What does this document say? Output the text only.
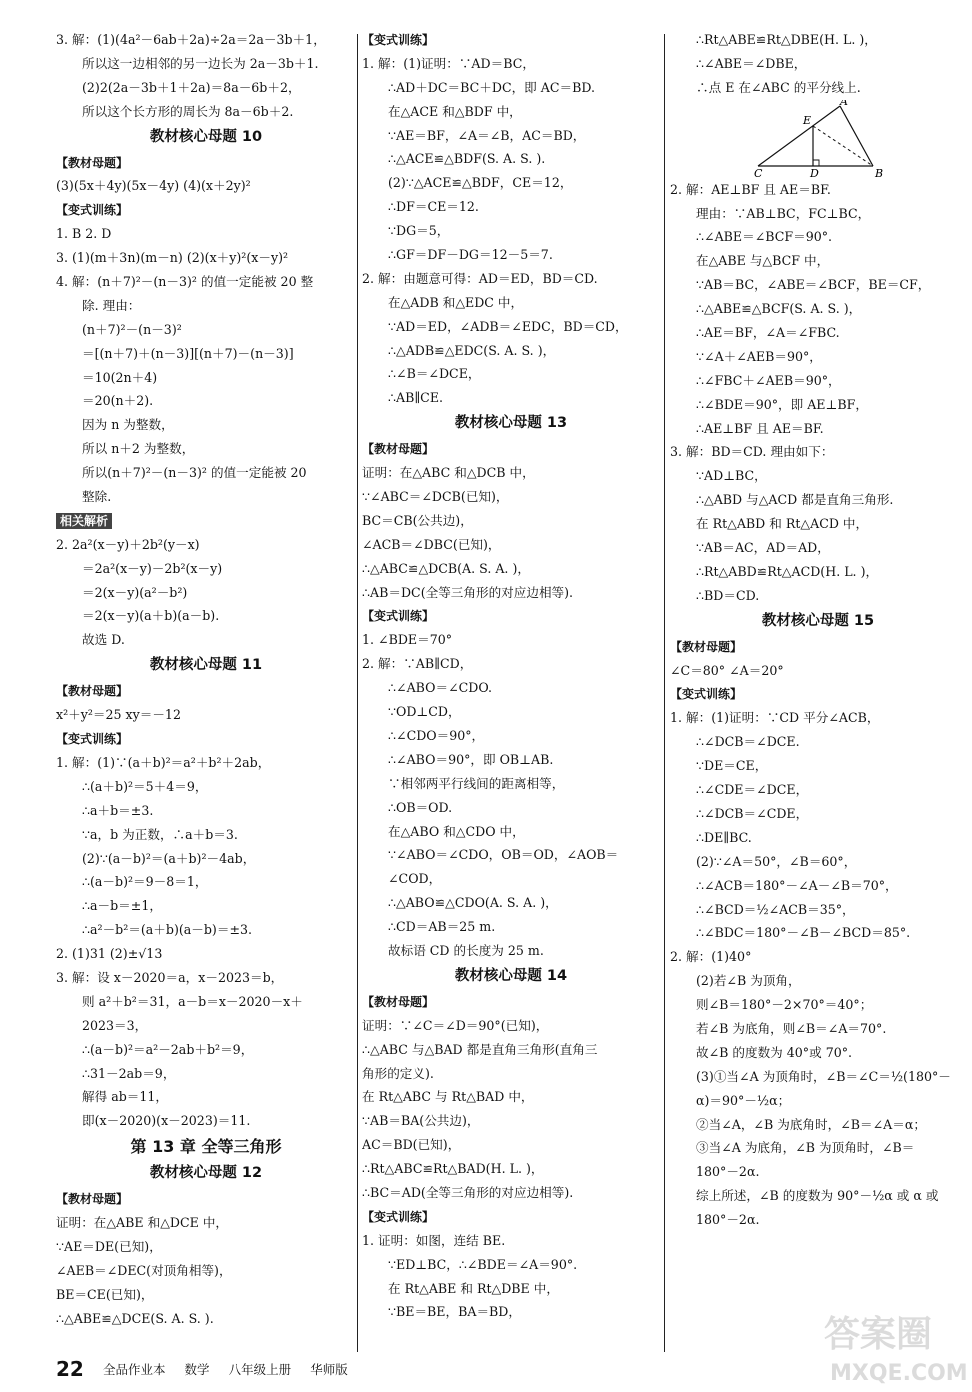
3. 解：(1)(4a²－6ab＋2a)÷2a＝2a－3b＋1，
所以这一边相邻的另一边长为 2a－3b＋1.
(2)2(2a－3b＋1＋2a)＝8a－6b＋2，
所以这个长方形的周长为 8a－6b＋2.
教材核心母题 10
【教材母题】
(3)(5x＋4y)(5x－4y) (4)(x＋2y)²
【变式训练】
1. B 2. D
3. (1)(m＋3n)(m－n) (2)(x＋y)²(x－y)²
4. 解：(n＋7)²－(n－3)² 的值一定能被 20 整
除. 理由：
(n＋7)²－(n－3)²
＝[(n＋7)＋(n－3)][(n＋7)－(n－3)]
＝10(2n＋4)
＝20(n＋2).
因为 n 为整数，
所以 n＋2 为整数，
所以(n＋7)²－(n－3)² 的值一定能被 20
整除.
相关解析
2. 2a²(x－y)＋2b²(y－x)
＝2a²(x－y)－2b²(x－y)
＝2(x－y)(a²－b²)
＝2(x－y)(a＋b)(a－b).
故选 D.
教材核心母题 11
【教材母题】
x²＋y²＝25 xy＝－12
【变式训练】
1. 解：(1)∵(a＋b)²＝a²＋b²＋2ab，
∴(a＋b)²＝5＋4＝9，
∴a＋b＝±3.
∵a，b 为正数，∴a＋b＝3.
(2)∵(a－b)²＝(a＋b)²－4ab，
∴(a－b)²＝9－8＝1，
∴a－b＝±1，
∴a²－b²＝(a＋b)(a－b)＝±3.
2. (1)31 (2)±√13
3. 解：设 x－2020＝a，x－2023＝b，
则 a²＋b²＝31，a－b＝x－2020－x＋
2023＝3，
∴(a－b)²＝a²－2ab＋b²＝9，
∴31－2ab＝9，
解得 ab＝11，
即(x－2020)(x－2023)＝11.
第 13 章 全等三角形
教材核心母题 12
【教材母题】
证明：在△ABE 和△DCE 中，
∵AE＝DE(已知)，
∠AEB＝∠DEC(对顶角相等)，
BE＝CE(已知)，
∴△ABE≌△DCE(S. A. S. ).
【变式训练】
1. 解：(1)证明：∵AD＝BC，
∴AD＋DC＝BC＋DC，即 AC＝BD.
在△ACE 和△BDF 中，
∵AE＝BF，∠A＝∠B，AC＝BD，
∴△ACE≌△BDF(S. A. S. ).
(2)∵△ACE≌△BDF，CE＝12，
∴DF＝CE＝12.
∵DG＝5，
∴GF＝DF－DG＝12－5＝7.
2. 解：由题意可得：AD＝ED，BD＝CD.
在△ADB 和△EDC 中，
∵AD＝ED，∠ADB＝∠EDC，BD＝CD，
∴△ADB≌△EDC(S. A. S. )，
∴∠B＝∠DCE，
∴AB∥CE.
教材核心母题 13
【教材母题】
证明：在△ABC 和△DCB 中，
∵∠ABC＝∠DCB(已知)，
BC＝CB(公共边)，
∠ACB＝∠DBC(已知)，
∴△ABC≌△DCB(A. S. A. )，
∴AB＝DC(全等三角形的对应边相等).
【变式训练】
1. ∠BDE＝70°
2. 解：∵AB∥CD，
∴∠ABO＝∠CDO.
∵OD⊥CD，
∴∠CDO＝90°，
∴∠ABO＝90°，即 OB⊥AB.
∵相邻两平行线间的距离相等，
∴OB＝OD.
在△ABO 和△CDO 中，
∵∠ABO＝∠CDO，OB＝OD，∠AOB＝
∠COD，
∴△ABO≌△CDO(A. S. A. )，
∴CD＝AB＝25 m.
故标语 CD 的长度为 25 m.
教材核心母题 14
【教材母题】
证明：∵∠C＝∠D＝90°(已知)，
∴△ABC 与△BAD 都是直角三角形(直角三
角形的定义).
在 Rt△ABC 与 Rt△BAD 中，
∵AB＝BA(公共边)，
AC＝BD(已知)，
∴Rt△ABC≌Rt△BAD(H. L. )，
∴BC＝AD(全等三角形的对应边相等).
【变式训练】
1. 证明：如图，连结 BE.
∵ED⊥BC，∴∠BDE＝∠A＝90°.
在 Rt△ABE 和 Rt△DBE 中，
∵BE＝BE，BA＝BD，
∴Rt△ABE≌Rt△DBE(H. L. )，
∴∠ABE＝∠DBE，
∴点 E 在∠ABC 的平分线上.
A
B
C	D
E
2. 解：AE⊥BF 且 AE＝BF.
理由：∵AB⊥BC，FC⊥BC，
∴∠ABE＝∠BCF＝90°.
在△ABE 与△BCF 中，
∵AB＝BC，∠ABE＝∠BCF，BE＝CF，
∴△ABE≌△BCF(S. A. S. )，
∴AE＝BF，∠A＝∠FBC.
∵∠A＋∠AEB＝90°，
∴∠FBC＋∠AEB＝90°，
∴∠BDE＝90°，即 AE⊥BF，
∴AE⊥BF 且 AE＝BF.
3. 解：BD＝CD. 理由如下：
∵AD⊥BC，
∴△ABD 与△ACD 都是直角三角形.
在 Rt△ABD 和 Rt△ACD 中，
∵AB＝AC，AD＝AD，
∴Rt△ABD≌Rt△ACD(H. L. )，
∴BD＝CD.
教材核心母题 15
【教材母题】
∠C＝80° ∠A＝20°
【变式训练】
1. 解：(1)证明：∵CD 平分∠ACB，
∴∠DCB＝∠DCE.
∵DE＝CE，
∴∠CDE＝∠DCE，
∴∠DCB＝∠CDE，
∴DE∥BC.
(2)∵∠A＝50°，∠B＝60°，
∴∠ACB＝180°－∠A－∠B＝70°，
∴∠BCD＝½∠ACB＝35°，
∴∠BDC＝180°－∠B－∠BCD＝85°.
2. 解：(1)40°
(2)若∠B 为顶角，
则∠B＝180°－2×70°＝40°；
若∠B 为底角，则∠B＝∠A＝70°.
故∠B 的度数为 40°或 70°.
(3)①当∠A 为顶角时，∠B＝∠C＝½(180°－
α)＝90°－½α；
②当∠A，∠B 为底角时，∠B＝∠A＝α；
③当∠A 为底角，∠B 为顶角时，∠B＝
180°－2α.
综上所述，∠B 的度数为 90°－½α 或 α 或
180°－2α.
22 全品作业本 数学 八年级上册 华师版
答案圈
MXQE.COM
